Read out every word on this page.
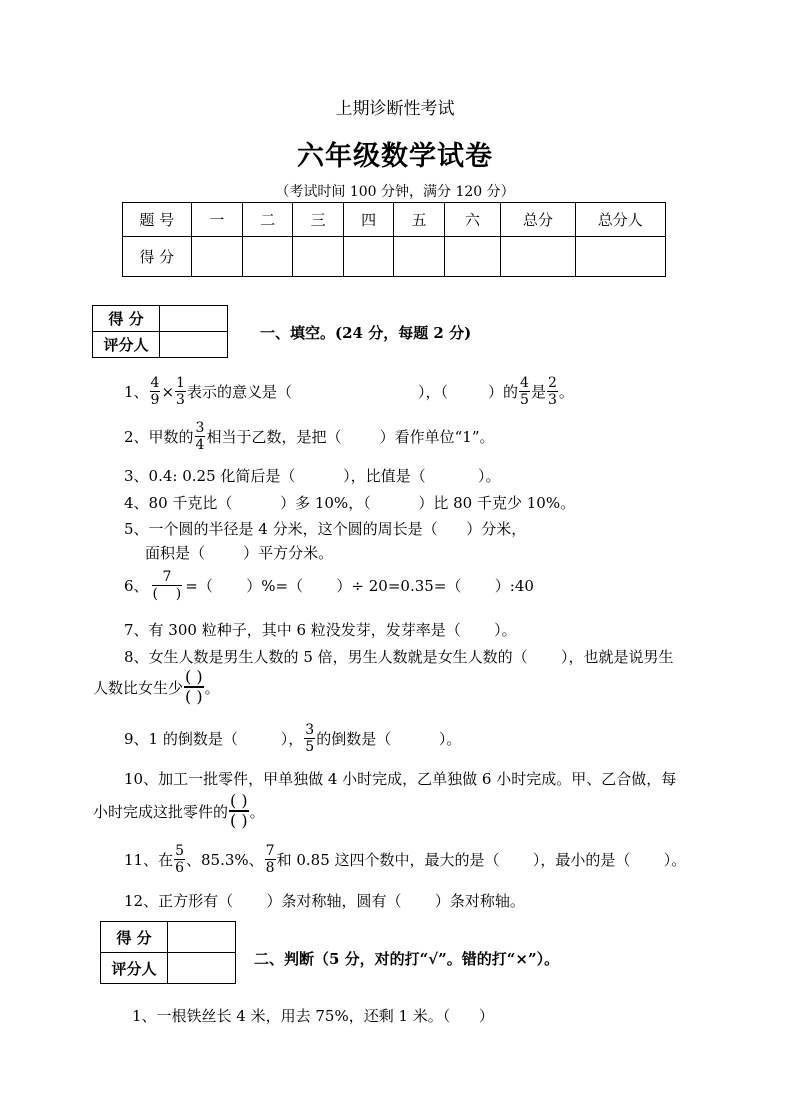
上期诊断性考试
六年级数学试卷
（考试时间 100 分钟，满分 120 分）
题 号	一	二	三	四	五	六	总分	总分人
得 分								
得 分	
评分人	
一、填空。(24 分，每题 2 分)
1、 $\frac{4}{9} \times \frac{1}{3}$ 表示的意义是（	），（	）的 $\frac{4}{5}$ 是 $\frac{2}{3}$ 。
2、甲数的 $\frac{3}{4}$ 相当于乙数，是把（        ）看作单位“1”。
3、0.4: 0.25 化简后是（          ），比值是（           ）。
4、80 千克比（          ）多 10%，（          ）比 80 千克少 10%。
5、一个圆的半径是 4 分米，这个圆的周长是（      ）分米，
面积是（        ）平方分米。
6、 $\frac{7}{( )}$ =（       ）%=（       ）÷ 20=0.35=（       ）:40
7、有 300 粒种子，其中 6 粒没发芽，发芽率是（       ）。
8、女生人数是男生人数的 5 倍，男生人数就是女生人数的（       ），也就是说男生
人数比女生少 $\frac{( )}{( )}$ 。
9、1 的倒数是（         ）， $\frac{3}{5}$ 的倒数是（          ）。
10、加工一批零件，甲单独做 4 小时完成，乙单独做 6 小时完成。甲、乙合做，每
小时完成这批零件的 $\frac{( )}{( )}$ 。
11、在 $\frac{5}{6}$ 、85.3%、 $\frac{7}{8}$ 和 0.85 这四个数中，最大的是（       ），最小的是（       ）。
12、正方形有（       ）条对称轴，圆有（       ）条对称轴。
得 分	
评分人	
二、判断（5 分，对的打“√”。错的打“×”）。
1、一根铁丝长 4 米，用去 75%，还剩 1 米。（      ）
